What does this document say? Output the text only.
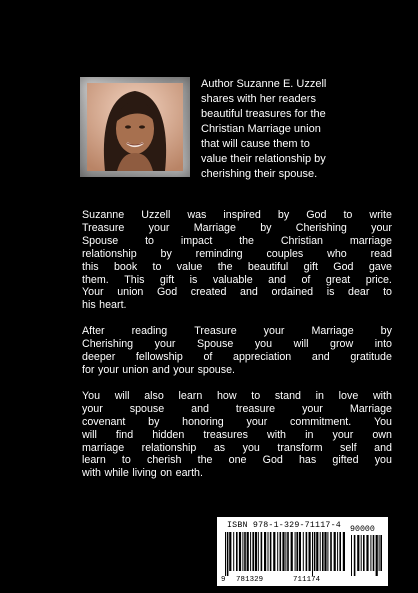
Author Suzanne E. Uzzell
shares with her readers
beautiful treasures for the
Christian Marriage union
that will cause them to
value their relationship by
cherishing their spouse.
Suzanne Uzzell was inspired by God to write
Treasure your Marriage by Cherishing your
Spouse	to	impact	the	Christian	marriage
relationship by reminding couples who read
this book to value the beautiful gift God gave
them. This gift is valuable and of great price.
Your union God created and ordained is dear to
his heart.
After	reading	Treasure	your	Marriage	by
Cherishing your Spouse you will grow into
deeper fellowship of appreciation and gratitude
for your union and your spouse.
You will also learn how to stand in love with
your	spouse	and	treasure	your	Marriage
covenant by honoring your commitment. You
will find hidden treasures with in your own
marriage relationship as you transform self and
learn to cherish the one God has gifted you
with while living on earth.
ISBN 978-1-329-71117-4 90000
9 781329	711174
